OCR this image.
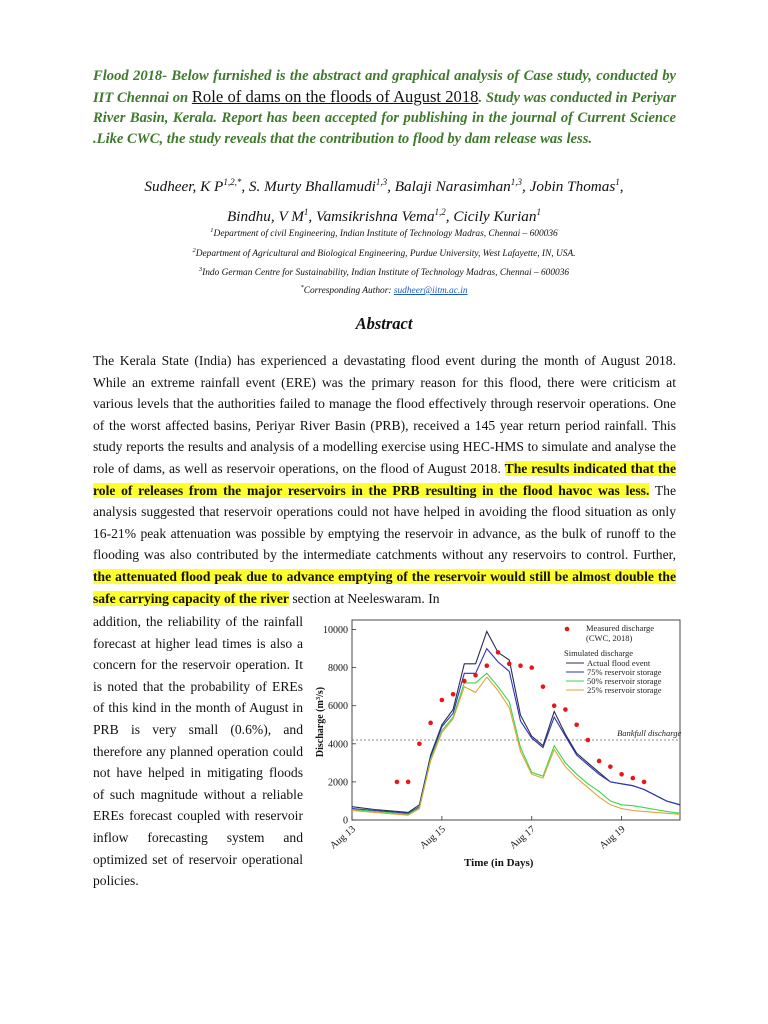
Flood 2018- Below furnished is the abstract and graphical analysis of Case study, conducted by IIT Chennai on Role of dams on the floods of August 2018. Study was conducted in Periyar River Basin, Kerala. Report has been accepted for publishing in the journal of Current Science .Like CWC, the study reveals that the contribution to flood by dam release was less.
Sudheer, K $P^{1,2,*}$, S. Murty Bhallamudi$^{1,3}$, Balaji Narasimhan$^{1,3}$, Jobin Thomas$^1$,
Bindhu, V $M^1$, Vamsikrishna Vema$^{1,2}$, Cicily Kurian$^1$
$^1$Department of civil Engineering, Indian Institute of Technology Madras, Chennai – 600036
$^2$Department of Agricultural and Biological Engineering, Purdue University, West Lafayette, IN, USA.
$^3$Indo German Centre for Sustainability, Indian Institute of Technology Madras, Chennai – 600036
*Corresponding Author: sudheer@iitm.ac.in
Abstract
The Kerala State (India) has experienced a devastating flood event during the month of August 2018. While an extreme rainfall event (ERE) was the primary reason for this flood, there were criticism at various levels that the authorities failed to manage the flood effectively through reservoir operations. One of the worst affected basins, Periyar River Basin (PRB), received a 145 year return period rainfall. This study reports the results and analysis of a modelling exercise using HEC-HMS to simulate and analyse the role of dams, as well as reservoir operations, on the flood of August 2018. The results indicated that the role of releases from the major reservoirs in the PRB resulting in the flood havoc was less. The analysis suggested that reservoir operations could not have helped in avoiding the flood situation as only 16-21% peak attenuation was possible by emptying the reservoir in advance, as the bulk of runoff to the flooding was also contributed by the intermediate catchments without any reservoirs to control. Further, the attenuated flood peak due to advance emptying of the reservoir would still be almost double the safe carrying capacity of the river section at Neeleswaram. In
addition, the reliability of the rainfall forecast at higher lead times is also a concern for the reservoir operation. It is noted that the probability of EREs of this kind in the month of August in PRB is very small (0.6%), and therefore any planned operation could not have helped in mitigating floods of such magnitude without a reliable EREs forecast coupled with reservoir inflow forecasting system and optimized set of reservoir operational policies.
0
2000
4000
6000
8000
10000
Aug 13	Aug 15	Aug 17	Aug 19
Bankfull discharge
Measured discharge
(CWC, 2018)
Simulated discharge
Actual flood event
75% reservoir storage
50% reservoir storage
25% reservoir storage
Time (in Days)
Discharge $(m^3/s)$
